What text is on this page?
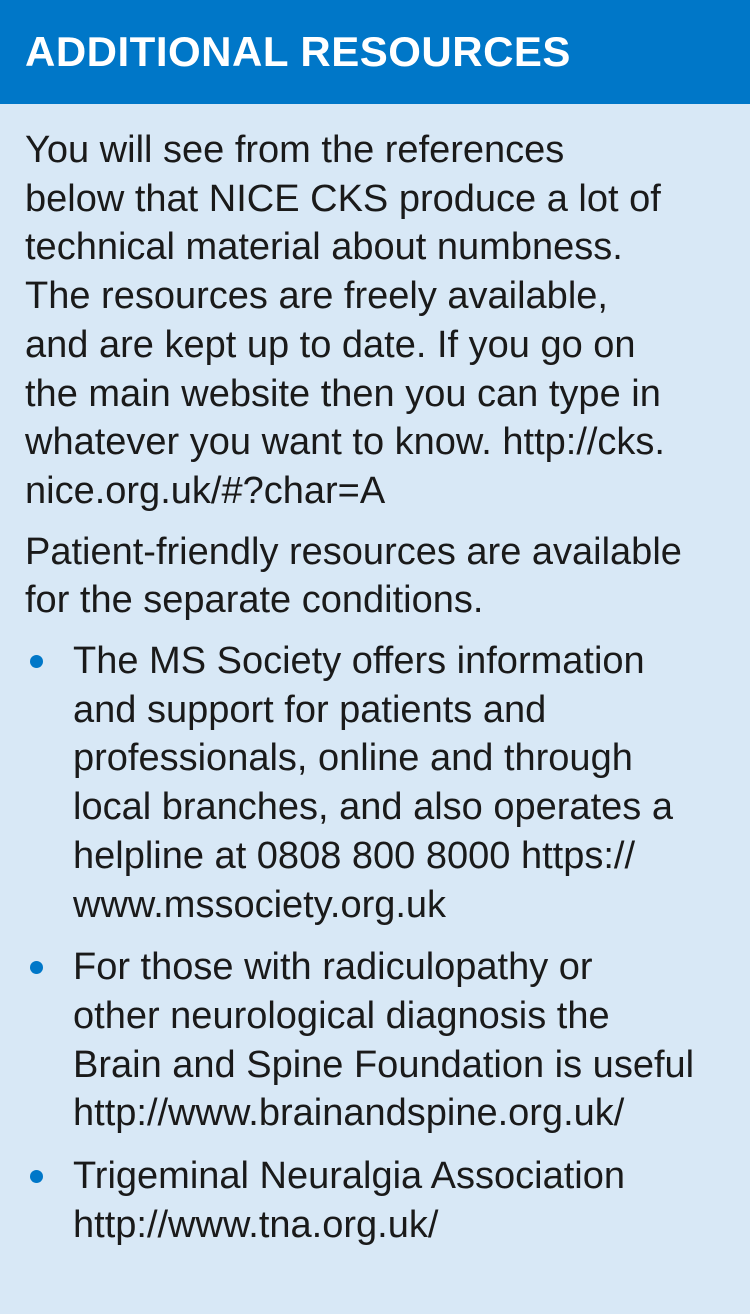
ADDITIONAL RESOURCES
You will see from the references
below that NICE CKS produce a lot of
technical material about numbness.
The resources are freely available,
and are kept up to date. If you go on
the main website then you can type in
whatever you want to know. http://cks.
nice.org.uk/#?char=A
Patient-friendly resources are available
for the separate conditions.
The MS Society offers information
and support for patients and
professionals, online and through
local branches, and also operates a
helpline at 0808 800 8000 https://
www.mssociety.org.uk
For those with radiculopathy or
other neurological diagnosis the
Brain and Spine Foundation is useful
http://www.brainandspine.org.uk/
Trigeminal Neuralgia Association
http://www.tna.org.uk/
